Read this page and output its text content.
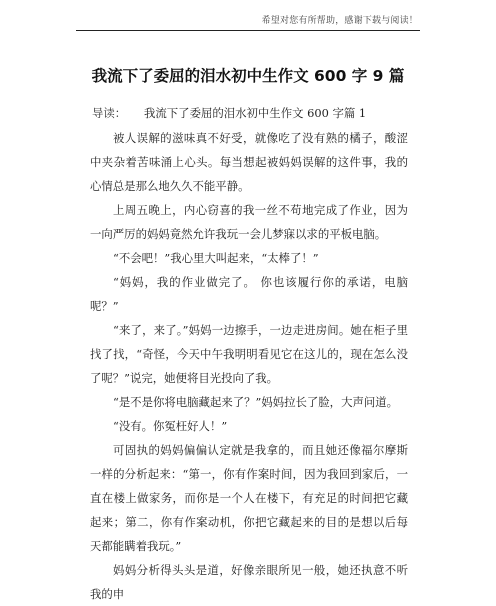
希望对您有所帮助，感谢下载与阅读！
我流下了委屈的泪水初中生作文 600 字 9 篇

导读： 我流下了委屈的泪水初中生作文 600 字篇 1

被人误解的滋味真不好受，就像吃了没有熟的橘子，酸涩中夹杂着苦味涌上心头。每当想起被妈妈误解的这件事，我的心情总是那么地久久不能平静。

上周五晚上，内心窃喜的我一丝不苟地完成了作业，因为一向严厉的妈妈竟然允许我玩一会儿梦寐以求的平板电脑。

“不会吧！”我心里大叫起来，“太棒了！”

“妈妈，我的作业做完了。 你也该履行你的承诺，电脑呢？”

“来了，来了。”妈妈一边擦手，一边走进房间。她在柜子里找了找，“奇怪，今天中午我明明看见它在这儿的，现在怎么没了呢？”说完，她便将目光投向了我。

“是不是你将电脑藏起来了？”妈妈拉长了脸，大声问道。

“没有。你冤枉好人！”

可固执的妈妈偏偏认定就是我拿的，而且她还像福尔摩斯一样的分析起来：“第一，你有作案时间，因为我回到家后，一直在楼上做家务，而你是一个人在楼下，有充足的时间把它藏起来；第二，你有作案动机，你把它藏起来的目的是想以后每天都能瞒着我玩。”

妈妈分析得头头是道，好像亲眼所见一般，她还执意不听我的申
